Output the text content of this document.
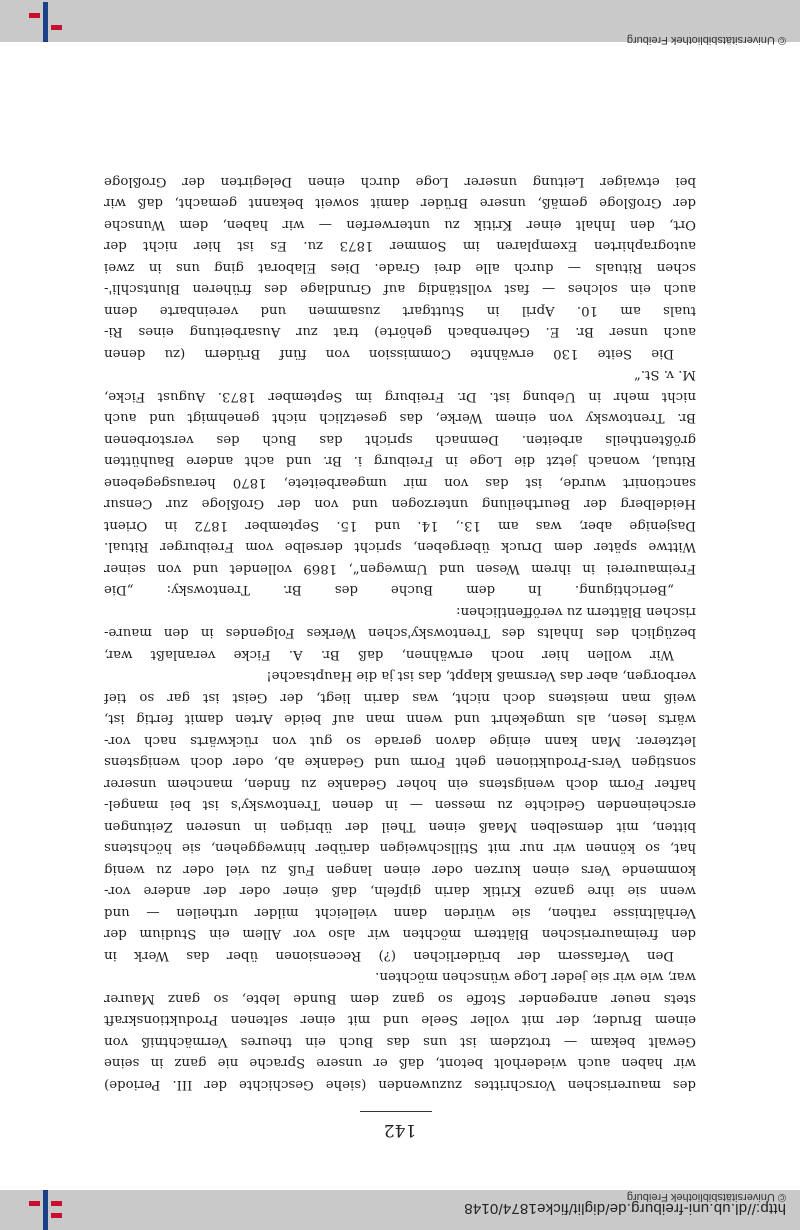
http://dl.ub.uni-freiburg.de/diglit/ficke1874/0148
© Universitätsbibliothek Freiburg
142
des maurerischen Vorschrittes zuzuwenden (siehe Geschichte der III. Periode)
wir haben auch wiederholt betont, daß er unsere Sprache nie ganz in seine
Gewalt bekam — trotzdem ist uns das Buch ein theures Vermächtniß von
einem Bruder, der mit voller Seele und mit einer seltenen Produktionskraft
stets neuer anregender Stoffe so ganz dem Bunde lebte, so ganz Maurer
war, wie wir sie jeder Loge wünschen möchten.
Den Verfassern der brüderlichen (?) Recensionen über das Werk in
den freimaurerischen Blättern möchten wir also vor Allem ein Studium der
Verhältnisse rathen, sie würden dann vielleicht milder urtheilen — und
wenn sie ihre ganze Kritik darin gipfeln, daß einer oder der andere vor-
kommende Vers einen kurzen oder einen langen Fuß zu viel oder zu wenig
hat, so können wir nur mit Stillschweigen darüber hinweggehen, sie höchstens
bitten, mit demselben Maaß einen Theil der übrigen in unseren Zeitungen
erscheinenden Gedichte zu messen — in denen Trentowsky's ist bei mangel-
hafter Form doch wenigstens ein hoher Gedanke zu finden, manchem unserer
sonstigen Vers-Produktionen geht Form und Gedanke ab, oder doch wenigstens
letzterer. Man kann einige davon gerade so gut von rückwärts nach vor-
wärts lesen, als umgekehrt und wenn man auf beide Arten damit fertig ist,
weiß man meistens doch nicht, was darin liegt, der Geist ist gar so tief
verborgen, aber das Versmaß klappt, das ist ja die Hauptsache!
Wir wollen hier noch erwähnen, daß Br. A. Ficke veranlaßt war,
bezüglich des Inhalts des Trentowsky'schen Werkes Folgendes in den maure-
rischen Blättern zu veröffentlichen:
„Berichtigung. In dem Buche des Br. Trentowsky: „Die
Freimaurerei in ihrem Wesen und Umwegen“, 1869 vollendet und von seiner
Wittwe später dem Druck übergeben, spricht derselbe vom Freiburger Ritual.
Dasjenige aber, was am 13., 14. und 15. September 1872 in Orient
Heidelberg der Beurtheilung unterzogen und von der Großloge zur Censur
sanctionirt wurde, ist das von mir umgearbeitete, 1870 herausgegebene
Ritual, wonach jetzt die Loge in Freiburg i. Br. und acht andere Bauhütten
größtentheils arbeiten. Demnach spricht das Buch des verstorbenen
Br. Trentowsky von einem Werke, das gesetzlich nicht genehmigt und auch
nicht mehr in Uebung ist. Dr. Freiburg im September 1873. August Ficke,
M. v. St.“
Die Seite 130 erwähnte Commission von fünf Brüdern (zu denen
auch unser Br. E. Gehrenbach gehörte) trat zur Ausarbeitung eines Ri-
tuals am 10. April in Stuttgart zusammen und vereinbarte denn
auch ein solches — fast vollständig auf Grundlage des früheren Bluntschli'-
schen Rituals — durch alle drei Grade. Dies Elaborat ging uns in zwei
autographirten Exemplaren im Sommer 1873 zu. Es ist hier nicht der
Ort, den Inhalt einer Kritik zu unterwerfen — wir haben, dem Wunsche
der Großloge gemäß, unsere Brüder damit soweit bekannt gemacht, daß wir
bei etwaiger Leitung unserer Loge durch einen Delegirten der Großloge
© Universitätsbibliothek Freiburg
